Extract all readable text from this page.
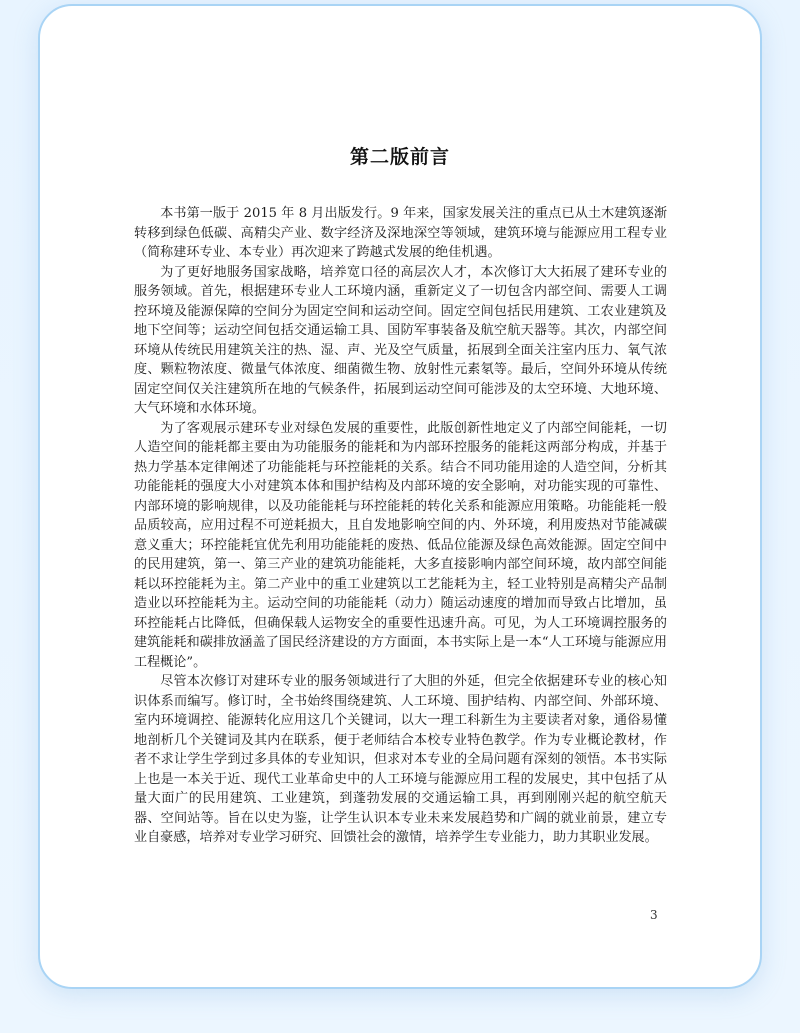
第二版前言

本书第一版于 2015 年 8 月出版发行。9 年来，国家发展关注的重点已从土木建筑逐渐转移到绿色低碳、高精尖产业、数字经济及深地深空等领域，建筑环境与能源应用工程专业（简称建环专业、本专业）再次迎来了跨越式发展的绝佳机遇。

为了更好地服务国家战略，培养宽口径的高层次人才，本次修订大大拓展了建环专业的服务领域。首先，根据建环专业人工环境内涵，重新定义了一切包含内部空间、需要人工调控环境及能源保障的空间分为固定空间和运动空间。固定空间包括民用建筑、工农业建筑及地下空间等；运动空间包括交通运输工具、国防军事装备及航空航天器等。其次，内部空间环境从传统民用建筑关注的热、湿、声、光及空气质量，拓展到全面关注室内压力、氧气浓度、颗粒物浓度、微量气体浓度、细菌微生物、放射性元素氡等。最后，空间外环境从传统固定空间仅关注建筑所在地的气候条件，拓展到运动空间可能涉及的太空环境、大地环境、大气环境和水体环境。

为了客观展示建环专业对绿色发展的重要性，此版创新性地定义了内部空间能耗，一切人造空间的能耗都主要由为功能服务的能耗和为内部环控服务的能耗这两部分构成，并基于热力学基本定律阐述了功能能耗与环控能耗的关系。结合不同功能用途的人造空间，分析其功能能耗的强度大小对建筑本体和围护结构及内部环境的安全影响，对功能实现的可靠性、内部环境的影响规律，以及功能能耗与环控能耗的转化关系和能源应用策略。功能能耗一般品质较高，应用过程不可逆耗损大，且自发地影响空间的内、外环境，利用废热对节能减碳意义重大；环控能耗宜优先利用功能能耗的废热、低品位能源及绿色高效能源。固定空间中的民用建筑，第一、第三产业的建筑功能能耗，大多直接影响内部空间环境，故内部空间能耗以环控能耗为主。第二产业中的重工业建筑以工艺能耗为主，轻工业特别是高精尖产品制造业以环控能耗为主。运动空间的功能能耗（动力）随运动速度的增加而导致占比增加，虽环控能耗占比降低，但确保载人运物安全的重要性迅速升高。可见，为人工环境调控服务的建筑能耗和碳排放涵盖了国民经济建设的方方面面，本书实际上是一本“人工环境与能源应用工程概论”。

尽管本次修订对建环专业的服务领域进行了大胆的外延，但完全依据建环专业的核心知识体系而编写。修订时，全书始终围绕建筑、人工环境、围护结构、内部空间、外部环境、室内环境调控、能源转化应用这几个关键词，以大一理工科新生为主要读者对象，通俗易懂地剖析几个关键词及其内在联系，便于老师结合本校专业特色教学。作为专业概论教材，作者不求让学生学到过多具体的专业知识，但求对本专业的全局问题有深刻的领悟。本书实际上也是一本关于近、现代工业革命史中的人工环境与能源应用工程的发展史，其中包括了从量大面广的民用建筑、工业建筑，到蓬勃发展的交通运输工具，再到刚刚兴起的航空航天器、空间站等。旨在以史为鉴，让学生认识本专业未来发展趋势和广阔的就业前景，建立专业自豪感，培养对专业学习研究、回馈社会的激情，培养学生专业能力，助力其职业发展。

3
